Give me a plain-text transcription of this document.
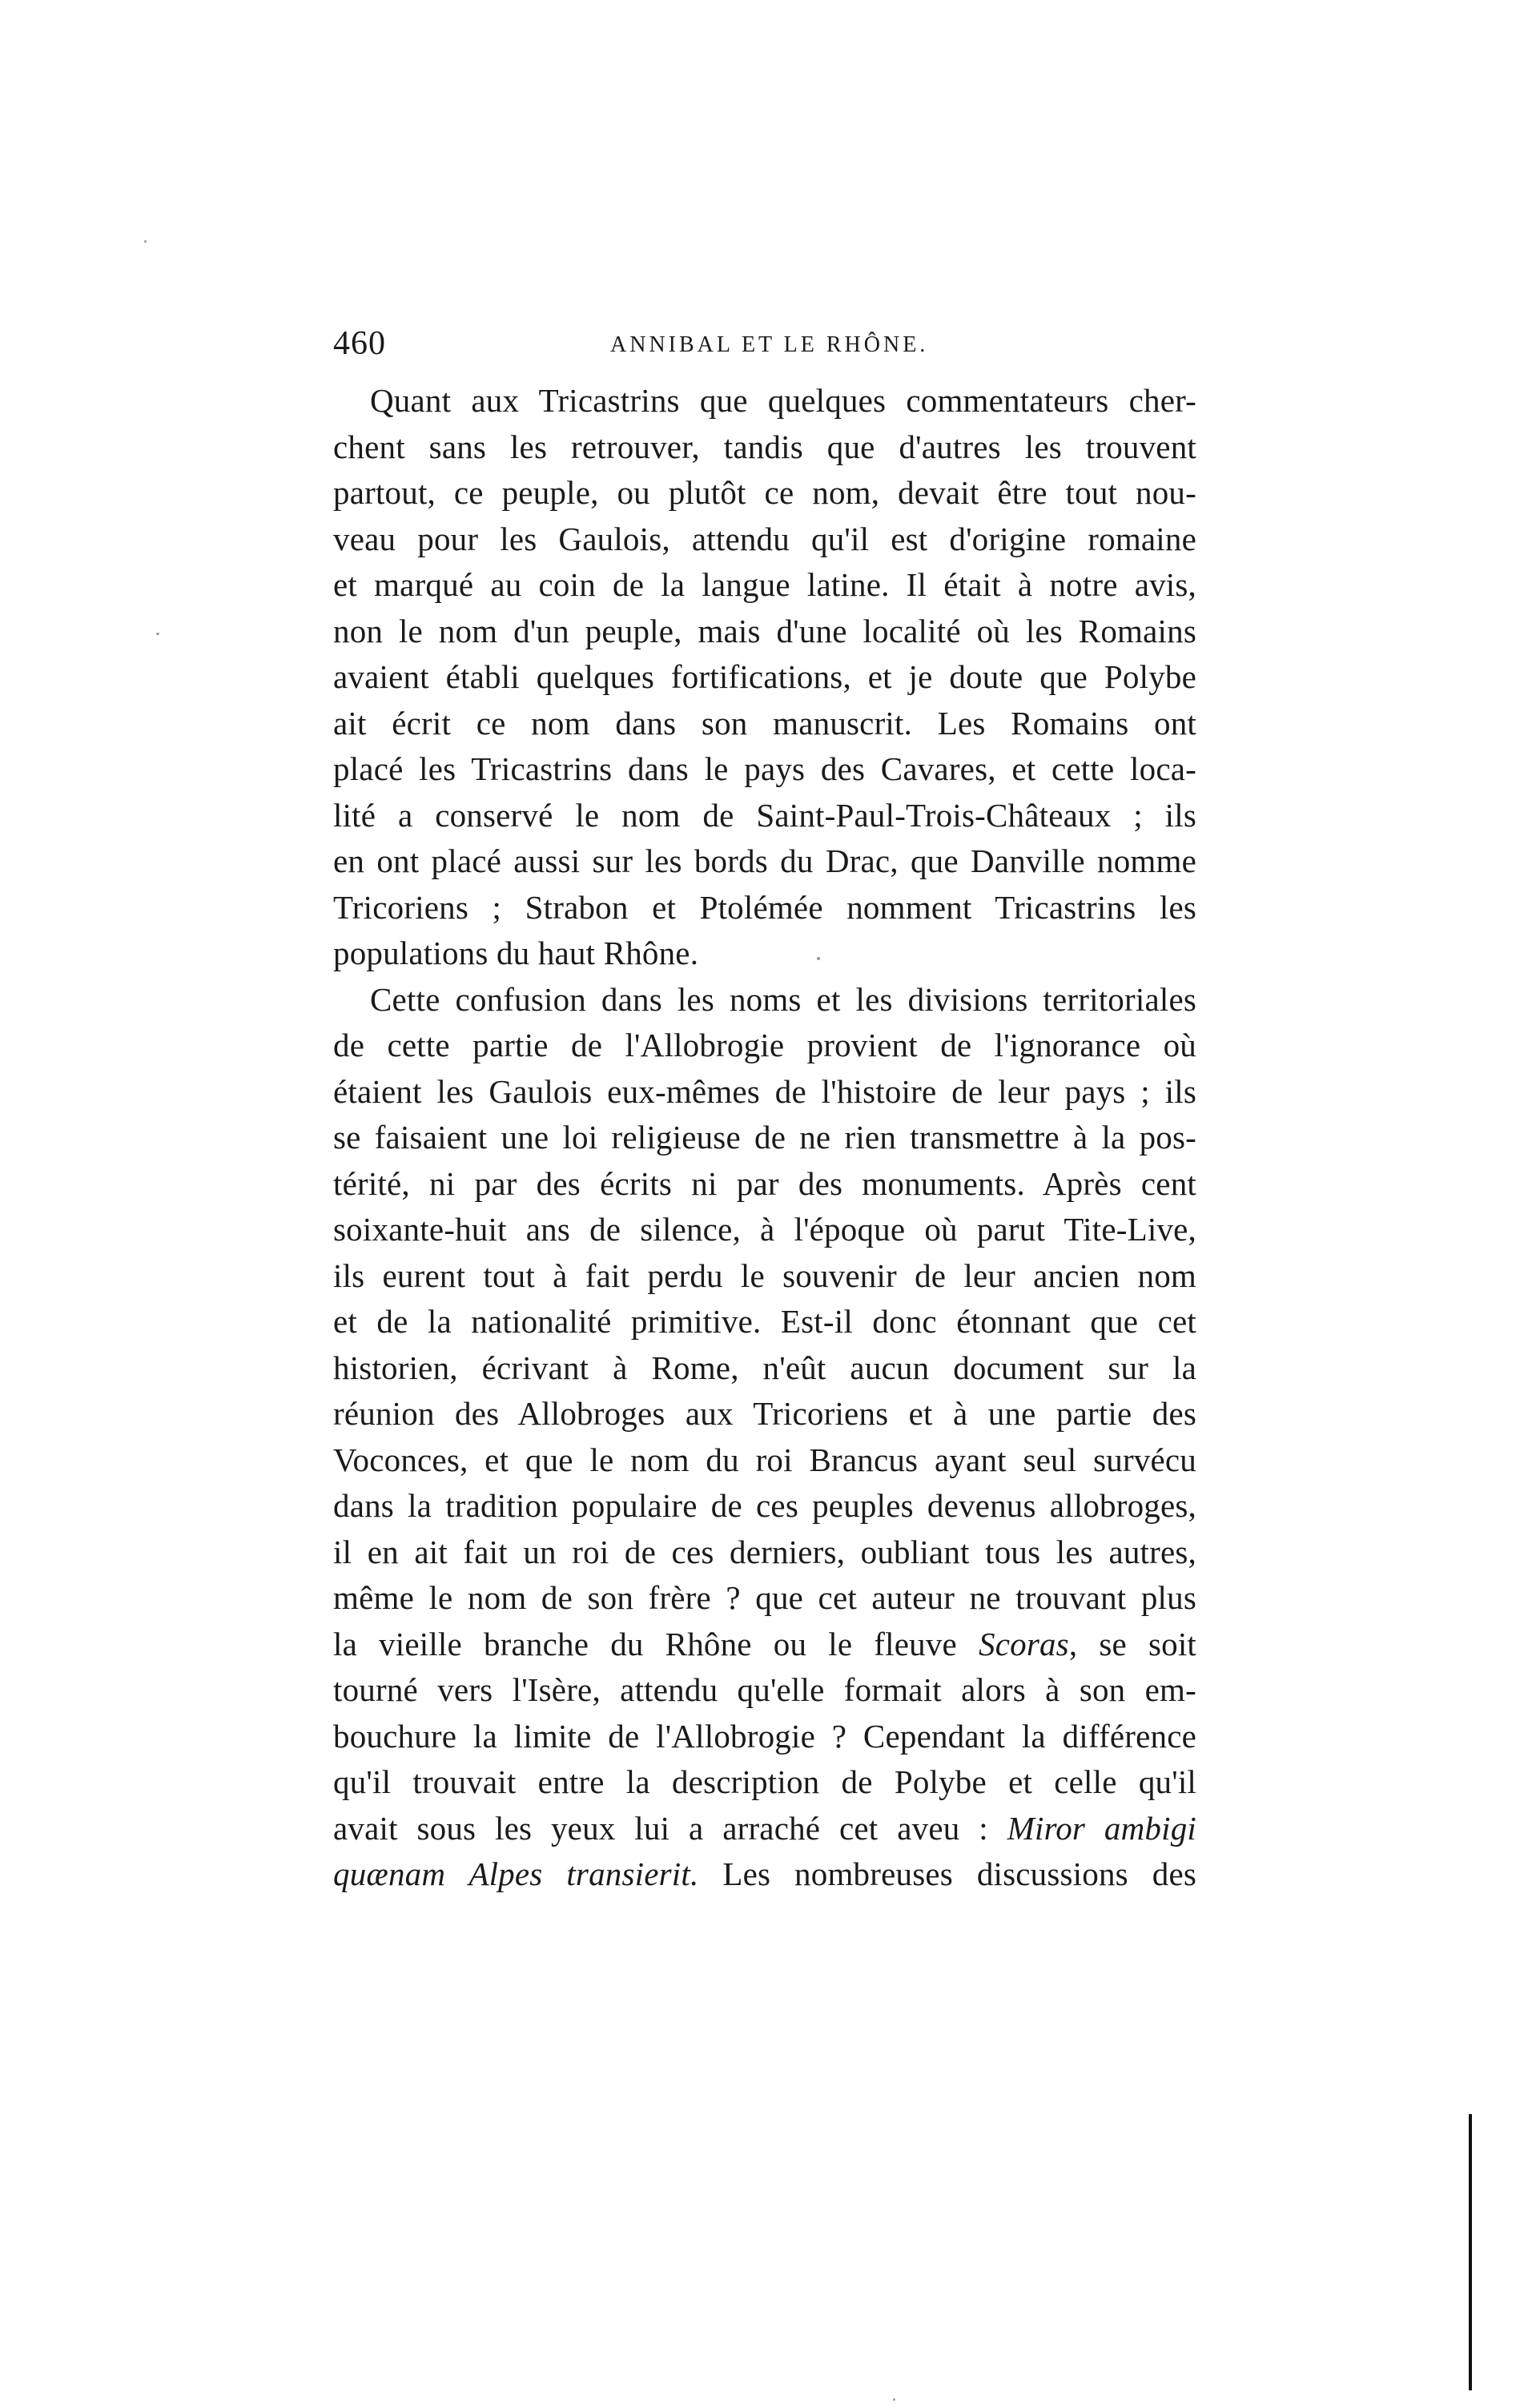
460	ANNIBAL ET LE RHÔNE.
Quant aux Tricastrins que quelques commentateurs cher-
chent sans les retrouver, tandis que d'autres les trouvent
partout, ce peuple, ou plutôt ce nom, devait être tout nou-
veau pour les Gaulois, attendu qu'il est d'origine romaine
et marqué au coin de la langue latine. Il était à notre avis,
non le nom d'un peuple, mais d'une localité où les Romains
avaient établi quelques fortifications, et je doute que Polybe
ait écrit ce nom dans son manuscrit. Les Romains ont
placé les Tricastrins dans le pays des Cavares, et cette loca-
lité a conservé le nom de Saint-Paul-Trois-Châteaux ; ils
en ont placé aussi sur les bords du Drac, que Danville nomme
Tricoriens ; Strabon et Ptolémée nomment Tricastrins les
populations du haut Rhône.
Cette confusion dans les noms et les divisions territoriales
de cette partie de l'Allobrogie provient de l'ignorance où
étaient les Gaulois eux-mêmes de l'histoire de leur pays ; ils
se faisaient une loi religieuse de ne rien transmettre à la pos-
térité, ni par des écrits ni par des monuments. Après cent
soixante-huit ans de silence, à l'époque où parut Tite-Live,
ils eurent tout à fait perdu le souvenir de leur ancien nom
et de la nationalité primitive. Est-il donc étonnant que cet
historien, écrivant à Rome, n'eût aucun document sur la
réunion des Allobroges aux Tricoriens et à une partie des
Voconces, et que le nom du roi Brancus ayant seul survécu
dans la tradition populaire de ces peuples devenus allobroges,
il en ait fait un roi de ces derniers, oubliant tous les autres,
même le nom de son frère ? que cet auteur ne trouvant plus
la vieille branche du Rhône ou le fleuve Scoras, se soit
tourné vers l'Isère, attendu qu'elle formait alors à son em-
bouchure la limite de l'Allobrogie ? Cependant la différence
qu'il trouvait entre la description de Polybe et celle qu'il
avait sous les yeux lui a arraché cet aveu : Miror ambigi
quænam Alpes transierit. Les nombreuses discussions des
